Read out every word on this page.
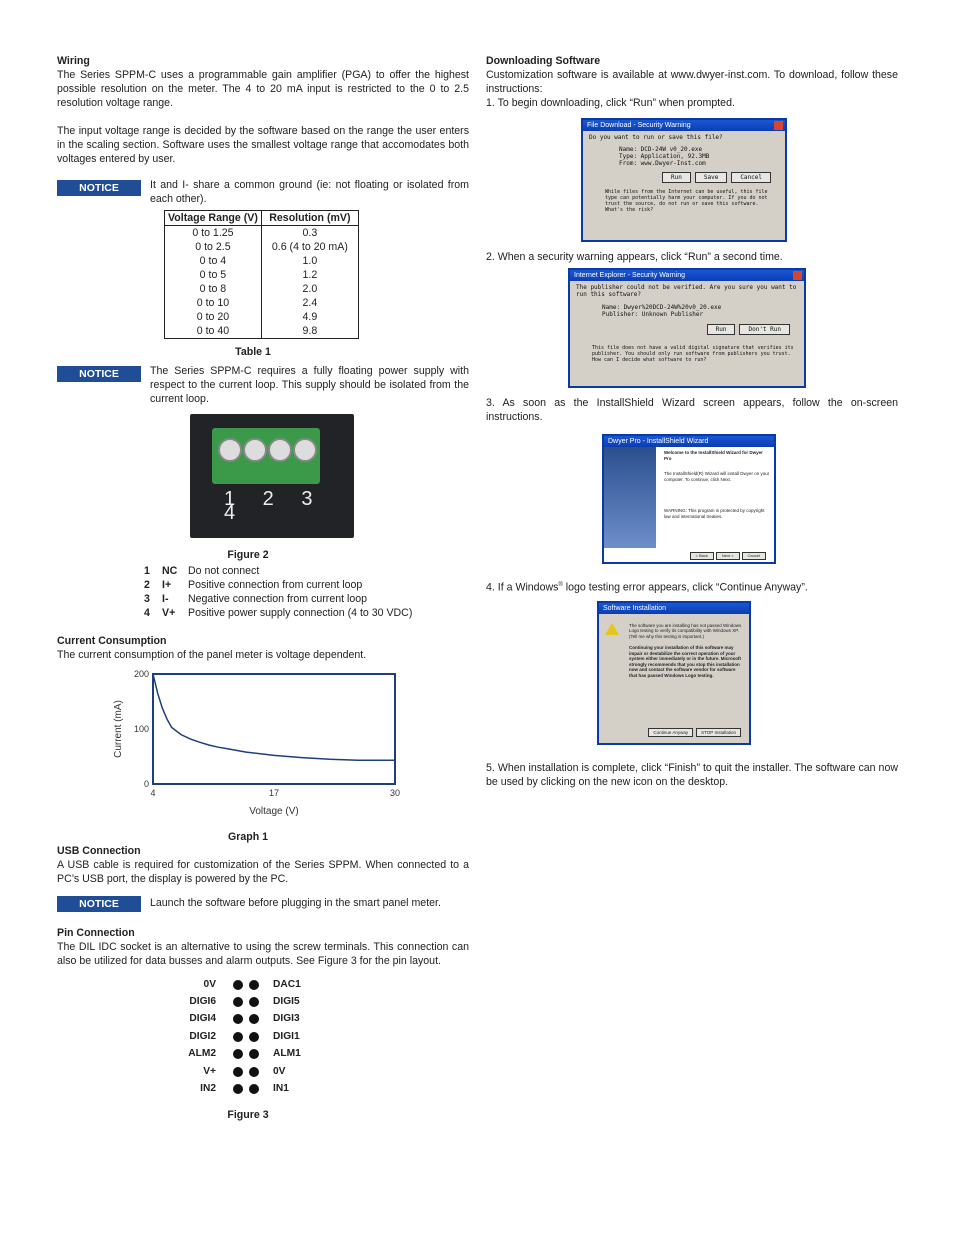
Wiring

The Series SPPM-C uses a programmable gain amplifier (PGA) to offer the highest possible resolution on the meter. The 4 to 20 mA input is restricted to the 0 to 2.5 resolution voltage range.

The input voltage range is decided by the software based on the range the user enters in the scaling section. Software uses the smallest voltage range that accomodates both voltages entered by user.

NOTICE	It and I- share a common ground (ie: not floating or isolated from each other).
Voltage Range (V)	Resolution (mV)
0 to 1.25	0.3
0 to 2.5	0.6 (4 to 20 mA)
0 to 4	1.0
0 to 5	1.2
0 to 8	2.0
0 to 10	2.4
0 to 20	4.9
0 to 40	9.8
Table 1
NOTICE	The Series SPPM-C requires a fully floating power supply with respect to the current loop. This supply should be isolated from the current loop.
1 2 3 4
Figure 2
1	NC	Do not connect
2	I+	Positive connection from current loop
3	I-	Negative connection from current loop
4	V+	Positive power supply connection (4 to 30 VDC)
Current Consumption

The current consumption of the panel meter is voltage dependent.

0
100
200
4	17	30
Voltage (V)
Current (mA)
Graph 1
USB Connection

A USB cable is required for customization of the Series SPPM. When connected to a PC’s USB port, the display is powered by the PC.

NOTICE	Launch the software before plugging in the smart panel meter.
Pin Connection

The DIL IDC socket is an alternative to using the screw terminals. This connection can also be utilized for data busses and alarm outputs. See Figure 3 for the pin layout.

0V	DAC1
DIGI6	DIGI5
DIGI4	DIGI3
DIGI2	DIGI1
ALM2	ALM1
V+	0V
IN2	IN1
Figure 3
Downloading Software

Customization software is available at www.dwyer-inst.com. To download, follow these instructions:

1. To begin downloading, click “Run” when prompted.

File Download - Security Warning
Do you want to run or save this file?
Name: DCD-24W v0_20.exe
Type: Application, 92.3MB
From: www.Dwyer-Inst.com
Run	Save	Cancel
While files from the Internet can be useful, this file type can potentially harm your computer. If you do not trust the source, do not run or save this software. What's the risk?

2. When a security warning appears, click “Run” a second time.

Internet Explorer - Security Warning
The publisher could not be verified. Are you sure you want to run this software?
Name: Dwyer%20DCD-24W%20v0_20.exe
Publisher: Unknown Publisher
Run	Don't Run
This file does not have a valid digital signature that verifies its publisher. You should only run software from publishers you trust. How can I decide what software to run?

3. As soon as the InstallShield Wizard screen appears, follow the on-screen instructions.

Dwyer Pro - InstallShield Wizard
Welcome to the InstallShield Wizard for Dwyer Pro
The InstallShield(R) Wizard will install Dwyer on your computer. To continue, click Next.
WARNING: This program is protected by copyright law and international treaties.
< Back	Next >	Cancel

4. If a Windows® logo testing error appears, click “Continue Anyway”.

Software Installation
The software you are installing has not passed Windows Logo testing to verify its compatibility with Windows XP. (Tell me why this testing is important.)
Continuing your installation of this software may impair or destabilize the correct operation of your system either immediately or in the future. Microsoft strongly recommends that you stop this installation now and contact the software vendor for software that has passed Windows Logo testing.
Continue Anyway	STOP Installation

5. When installation is complete, click “Finish” to quit the installer. The software can now be used by clicking on the new icon on the desktop.
